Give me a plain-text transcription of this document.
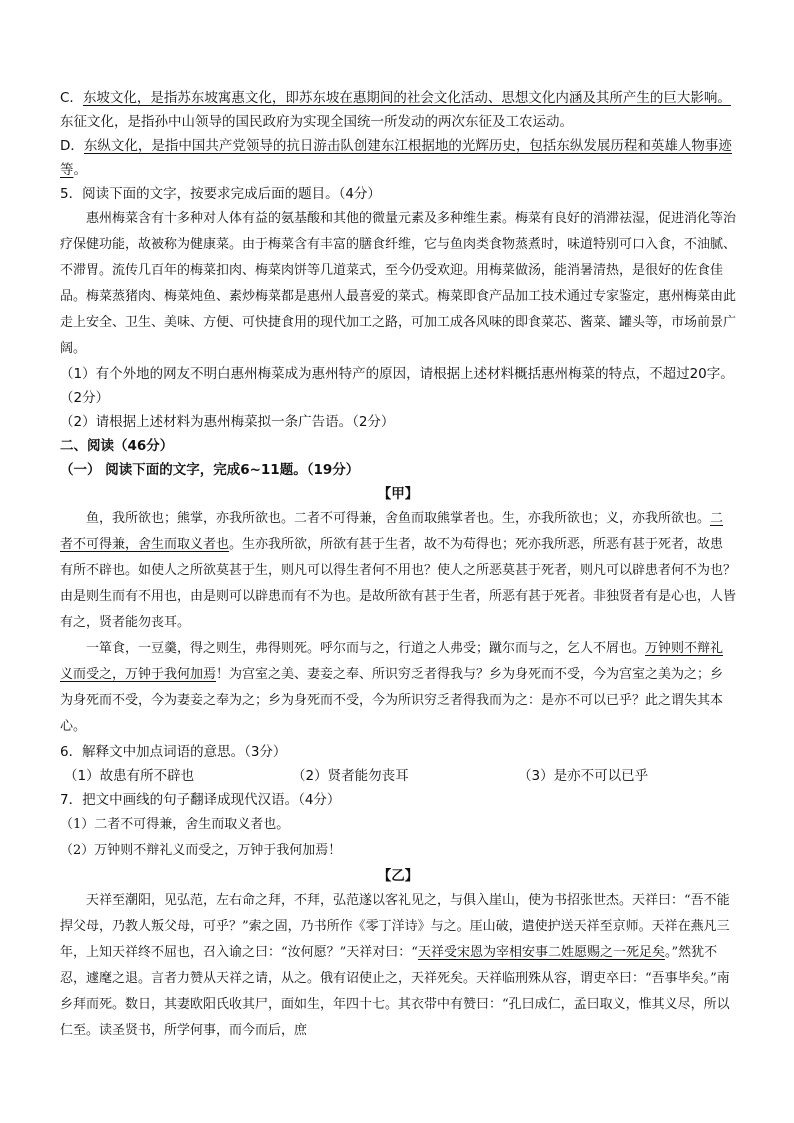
C．东坡文化，是指苏东坡寓惠文化，即苏东坡在惠期间的社会文化活动、思想文化内涵及其所产生的巨大影响。东征文化，是指孙中山领导的国民政府为实现全国统一所发动的两次东征及工农运动。

D．东纵文化，是指中国共产党领导的抗日游击队创建东江根据地的光辉历史，包括东纵发展历程和英雄人物事迹等。

5．阅读下面的文字，按要求完成后面的题目。（4分）

惠州梅菜含有十多种对人体有益的氨基酸和其他的微量元素及多种维生素。梅菜有良好的消滞祛湿，促进消化等治疗保健功能，故被称为健康菜。由于梅菜含有丰富的膳食纤维，它与鱼肉类食物蒸煮时，味道特别可口入食，不油腻、不滞胃。流传几百年的梅菜扣肉、梅菜肉饼等几道菜式，至今仍受欢迎。用梅菜做汤，能消暑清热，是很好的佐食佳品。梅菜蒸猪肉、梅菜炖鱼、素炒梅菜都是惠州人最喜爱的菜式。梅菜即食产品加工技术通过专家鉴定，惠州梅菜由此走上安全、卫生、美味、方便、可快捷食用的现代加工之路，可加工成各风味的即食菜芯、酱菜、罐头等，市场前景广阔。

（1）有个外地的网友不明白惠州梅菜成为惠州特产的原因，请根据上述材料概括惠州梅菜的特点，不超过20字。（2分）

（2）请根据上述材料为惠州梅菜拟一条广告语。（2分）

二、阅读（46分）

（一） 阅读下面的文字，完成6~11题。（19分）

【甲】

鱼，我所欲也；熊掌，亦我所欲也。二者不可得兼，舍鱼而取熊掌者也。生，亦我所欲也；义，亦我所欲也。二者不可得兼，舍生而取义者也。生亦我所欲，所欲有甚于生者，故不为苟得也；死亦我所恶，所恶有甚于死者，故患有所不辟也。如使人之所欲莫甚于生，则凡可以得生者何不用也？使人之所恶莫甚于死者，则凡可以辟患者何不为也？由是则生而有不用也，由是则可以辟患而有不为也。是故所欲有甚于生者，所恶有甚于死者。非独贤者有是心也，人皆有之，贤者能勿丧耳。

一箪食，一豆羹，得之则生，弗得则死。呼尔而与之，行道之人弗受；蹴尔而与之，乞人不屑也。万钟则不辩礼义而受之，万钟于我何加焉！为宫室之美、妻妾之奉、所识穷乏者得我与？乡为身死而不受，今为宫室之美为之；乡为身死而不受，今为妻妾之奉为之；乡为身死而不受，今为所识穷乏者得我而为之：是亦不可以已乎？此之谓失其本心。

6．解释文中加点词语的意思。（3分）

（1）故患有所不辟也	（2）贤者能勿丧耳	（3）是亦不可以已乎

7．把文中画线的句子翻译成现代汉语。（4分）

（1）二者不可得兼，舍生而取义者也。

（2）万钟则不辩礼义而受之，万钟于我何加焉！

【乙】

天祥至潮阳，见弘范，左右命之拜，不拜，弘范遂以客礼见之，与俱入崖山，使为书招张世杰。天祥曰：“吾不能捍父母，乃教人叛父母，可乎？”索之固，乃书所作《零丁洋诗》与之。厓山破，遣使护送天祥至京师。天祥在燕凡三年，上知天祥终不屈也，召入谕之曰：“汝何愿？”天祥对曰：“天祥受宋恩为宰相安事二姓愿赐之一死足矣。”然犹不忍，遽麾之退。言者力赞从天祥之请，从之。俄有诏使止之，天祥死矣。天祥临刑殊从容，谓吏卒曰：“吾事毕矣。”南乡拜而死。数日，其妻欧阳氏收其尸，面如生，年四十七。其衣带中有赞曰：“孔曰成仁，孟曰取义，惟其义尽，所以仁至。读圣贤书，所学何事，而今而后，庶
